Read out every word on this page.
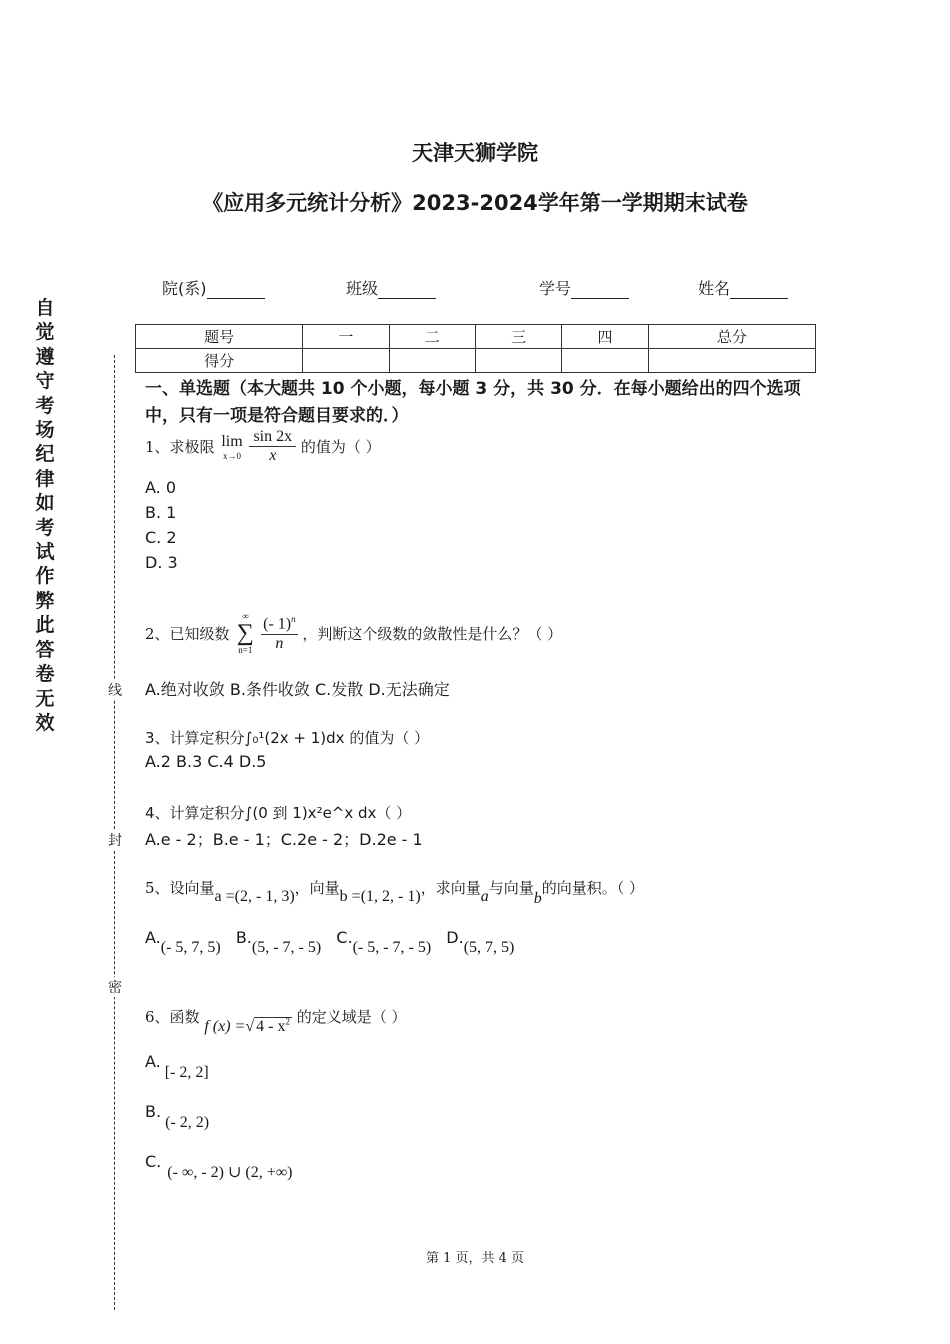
天津天狮学院
《应用多元统计分析》2023-2024学年第一学期期末试卷
院(系)	班级	学号	姓名
题号	一	二	三	四	总分
得分					
自觉遵守考场纪律如考试作弊此答卷无效
线
封
密
一、单选题（本大题共 10 个小题，每小题 3 分，共 30 分．在每小题给出的四个选项中，只有一项是符合题目要求的．）
1、求极限 lim
x→0
$\frac{\sin 2x}{x}$ 的值为（ ）
A. 0
B. 1
C. 2
D. 3
2、已知级数
∞
∑
n=1
$\frac{(- 1)^n}{n}$ ，判断这个级数的敛散性是什么？（ ）
A.绝对收敛 B.条件收敛 C.发散 D.无法确定
3、计算定积分∫₀¹(2x + 1)dx 的值为（ ）
A.2 B.3 C.4 D.5
4、计算定积分∫(0 到 1)x²e^x dx（ ）
A.e - 2；B.e - 1；C.2e - 2；D.2e - 1
5、设向量a =(2, - 1, 3)，向量b =(1, 2, - 1)，求向量a与向量b的向量积。（ ）
A.(- 5, 7, 5) B.(5, - 7, - 5) C.(- 5, - 7, - 5) D.(5, 7, 5)
6、函数 f (x) =√ $4 - x^2$ 的定义域是（ ）
A.[- 2, 2]
B.(- 2, 2)
C.(- ∞, - 2) ∪ (2, +∞)
第 1 页，共 4 页
